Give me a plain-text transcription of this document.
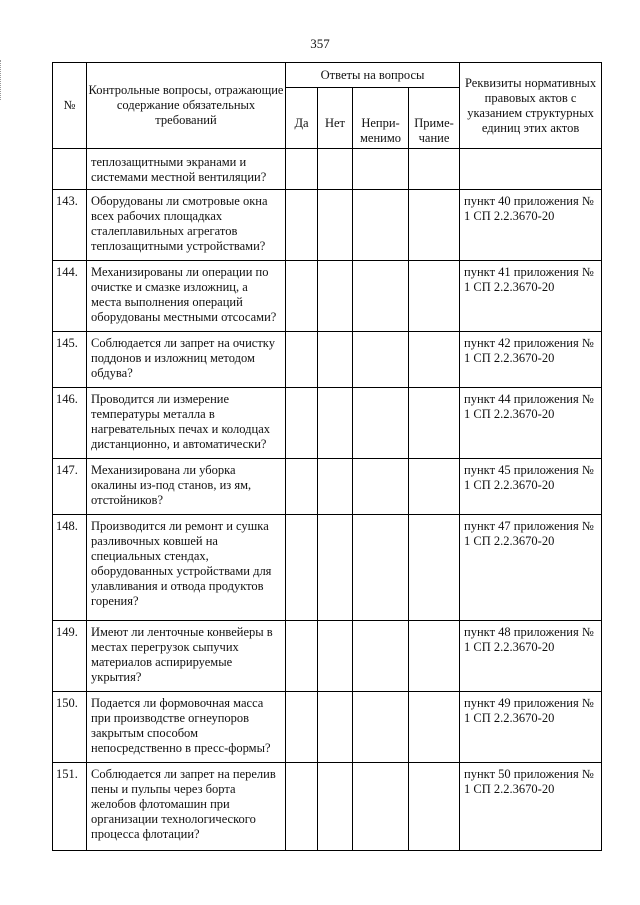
357
№	Контрольные вопросы, отражающие содержание обязательных требований	Ответы на вопросы				Реквизиты нормативных правовых актов с указанием структурных единиц этих актов
		Да	Нет	Непри-менимо	Приме-чание	
	теплозащитными экранами и системами местной вентиляции?					
143.	Оборудованы ли смотровые окна всех рабочих площадках сталеплавильных агрегатов теплозащитными устройствами?					пункт 40 приложения № 1 СП 2.2.3670-20
144.	Механизированы ли операции по очистке и смазке изложниц, а места выполнения операций оборудованы местными отсосами?					пункт 41 приложения № 1 СП 2.2.3670-20
145.	Соблюдается ли запрет на очистку поддонов и изложниц методом обдува?					пункт 42 приложения № 1 СП 2.2.3670-20
146.	Проводится ли измерение температуры металла в нагревательных печах и колодцах дистанционно, и автоматически?					пункт 44 приложения № 1 СП 2.2.3670-20
147.	Механизирована ли уборка окалины из-под станов, из ям, отстойников?					пункт 45 приложения № 1 СП 2.2.3670-20
148.	Производится ли ремонт и сушка разливочных ковшей на специальных стендах, оборудованных устройствами для улавливания и отвода продуктов горения?					пункт 47 приложения № 1 СП 2.2.3670-20
149.	Имеют ли ленточные конвейеры в местах перегрузок сыпучих материалов аспирируемые укрытия?					пункт 48 приложения № 1 СП 2.2.3670-20
150.	Подается ли формовочная масса при производстве огнеупоров закрытым способом непосредственно в пресс-формы?					пункт 49 приложения № 1 СП 2.2.3670-20
151.	Соблюдается ли запрет на перелив пены и пульпы через борта желобов флотомашин при организации технологического процесса флотации?					пункт 50 приложения № 1 СП 2.2.3670-20
